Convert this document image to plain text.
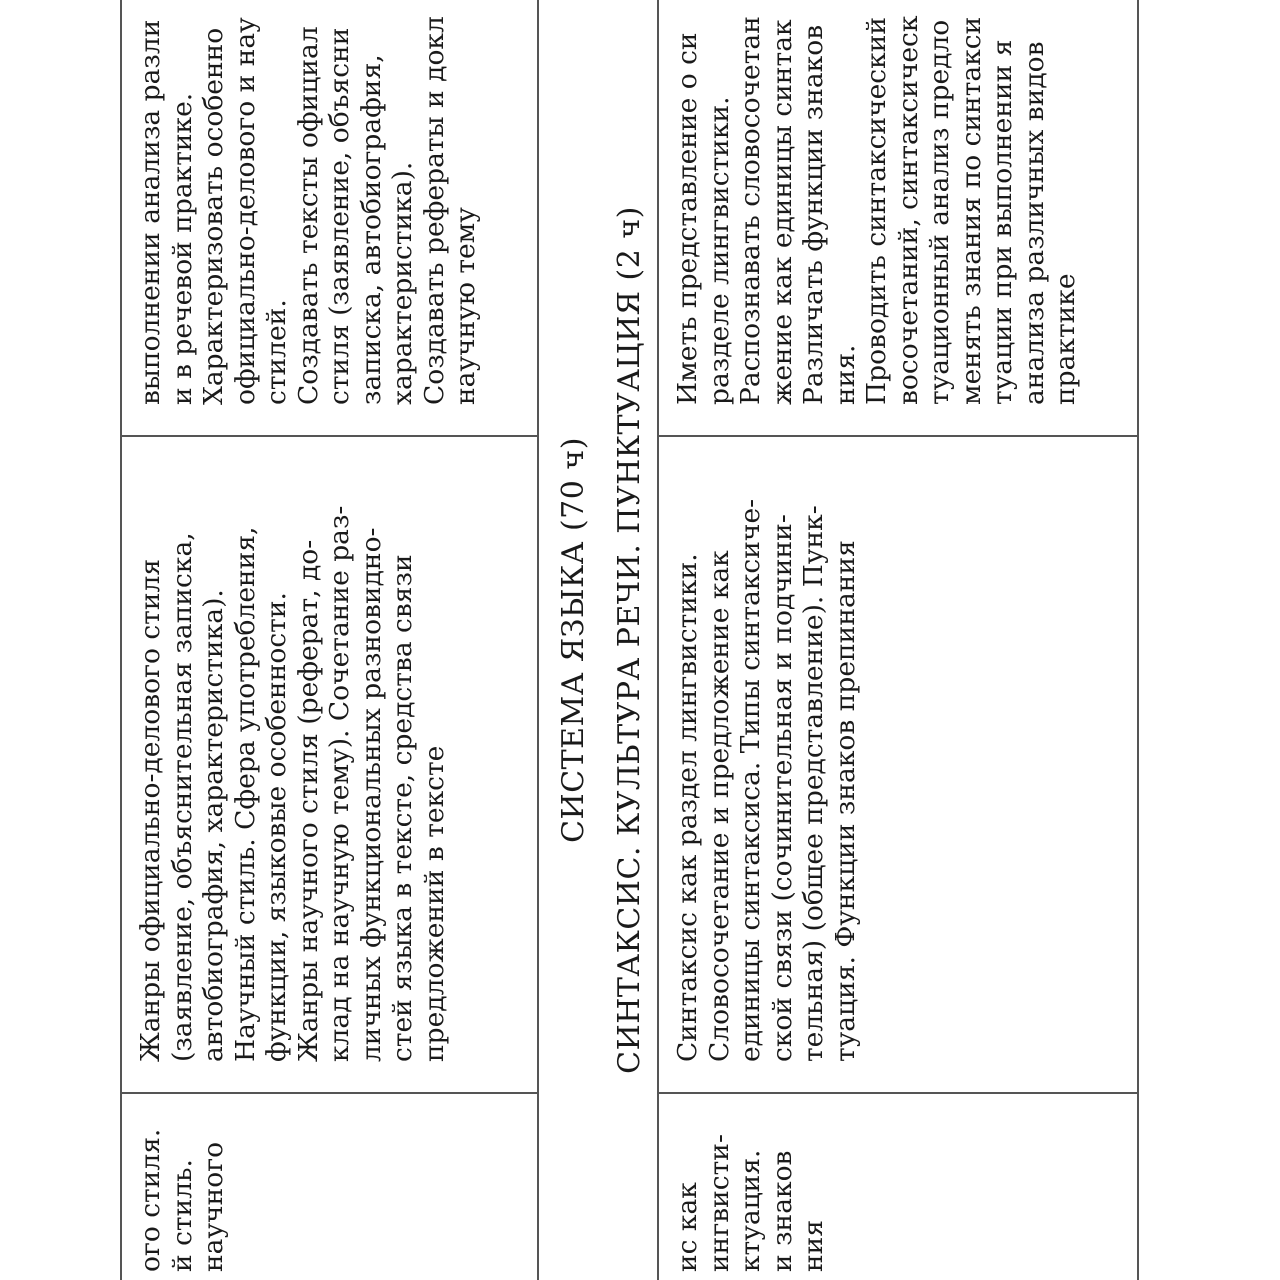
ого стиля. й стиль. научного
Жанры официально-делового стиля (заявление, объяснительная записка, автобиография, характеристика). Научный стиль. Сфера употребления, функции, языковые особенности. Жанры научного стиля (реферат, до- клад на научную тему). Сочетание раз- личных функциональных разновидно- стей языка в тексте, средства связи предложений в тексте
выполнении анализа разли и в речевой практике. Характеризовать особенно официально-делового и нау стилей. Создавать тексты официал стиля (заявление, объясни записка, автобиография, характеристика). Создавать рефераты и докл научную тему
СИСТЕМА ЯЗЫКА (70 ч) СИНТАКСИС. КУЛЬТУРА РЕЧИ. ПУНКТУАЦИЯ (2 ч)
ис как ингвисти- ктуация. и знаков ния
Синтаксис как раздел лингвистики. Словосочетание и предложение как единицы синтаксиса. Типы синтаксиче- ской связи (сочинительная и подчини- тельная) (общее представление). Пунк- туация. Функции знаков препинания
Иметь представление о си разделе лингвистики. Распознавать словосочетан жение как единицы синтак Различать функции знаков ния. Проводить синтаксический восочетаний, синтаксическ туационный анализ предло менять знания по синтакси туации при выполнении я анализа различных видов практике
